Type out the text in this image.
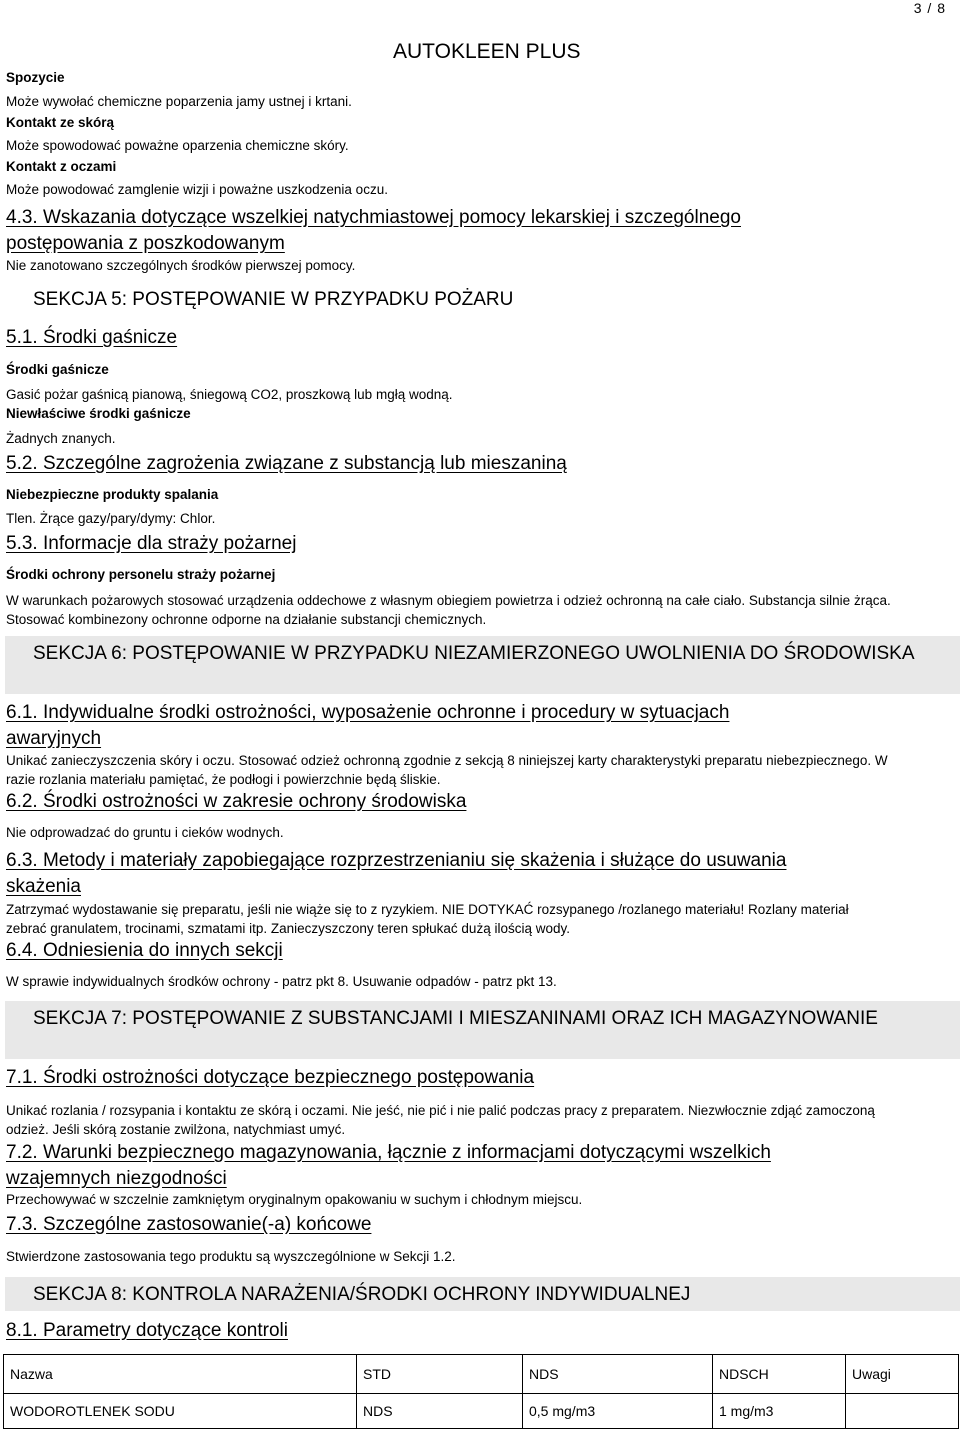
3 / 8
AUTOKLEEN PLUS
Spozycie
Może wywołać chemiczne poparzenia jamy ustnej i krtani.
Kontakt ze skórą
Może spowodować poważne oparzenia chemiczne skóry.
Kontakt z oczami
Może powodować zamglenie wizji i poważne uszkodzenia oczu.
4.3. Wskazania dotyczące wszelkiej natychmiastowej pomocy lekarskiej i szczególnego postępowania z poszkodowanym
Nie zanotowano szczególnych środków pierwszej pomocy.
SEKCJA 5: POSTĘPOWANIE W PRZYPADKU POŻARU
5.1. Środki gaśnicze
Środki gaśnicze
Gasić pożar gaśnicą pianową, śniegową CO2, proszkową lub mgłą wodną.
Niewłaściwe środki gaśnicze
Żadnych znanych.
5.2. Szczególne zagrożenia związane z substancją lub mieszaniną
Niebezpieczne produkty spalania
Tlen. Żrące gazy/pary/dymy: Chlor.
5.3. Informacje dla straży pożarnej
Środki ochrony personelu straży pożarnej
W warunkach pożarowych stosować urządzenia oddechowe z własnym obiegiem powietrza i odzież ochronną na całe ciało. Substancja silnie żrąca. Stosować kombinezony ochronne odporne na działanie substancji chemicznych.
SEKCJA 6: POSTĘPOWANIE W PRZYPADKU NIEZAMIERZONEGO UWOLNIENIA DO ŚRODOWISKA
6.1. Indywidualne środki ostrożności, wyposażenie ochronne i procedury w sytuacjach awaryjnych
Unikać zanieczyszczenia skóry i oczu. Stosować odzież ochronną zgodnie z sekcją 8 niniejszej karty charakterystyki preparatu niebezpiecznego. W razie rozlania materiału pamiętać, że podłogi i powierzchnie będą śliskie.
6.2. Środki ostrożności w zakresie ochrony środowiska
Nie odprowadzać do gruntu i cieków wodnych.
6.3. Metody i materiały zapobiegające rozprzestrzenianiu się skażenia i służące do usuwania skażenia
Zatrzymać wydostawanie się preparatu, jeśli nie wiąże się to z ryzykiem. NIE DOTYKAĆ rozsypanego /rozlanego materiału! Rozlany materiał zebrać granulatem, trocinami, szmatami itp. Zanieczyszczony teren spłukać dużą ilością wody.
6.4. Odniesienia do innych sekcji
W sprawie indywidualnych środków ochrony - patrz pkt 8. Usuwanie odpadów - patrz pkt 13.
SEKCJA 7: POSTĘPOWANIE Z SUBSTANCJAMI I MIESZANINAMI ORAZ ICH MAGAZYNOWANIE
7.1. Środki ostrożności dotyczące bezpiecznego postępowania
Unikać rozlania / rozsypania i kontaktu ze skórą i oczami. Nie jeść, nie pić i nie palić podczas pracy z preparatem. Niezwłocznie zdjąć zamoczoną odzież. Jeśli skórą zostanie zwilżona, natychmiast umyć.
7.2. Warunki bezpiecznego magazynowania, łącznie z informacjami dotyczącymi wszelkich wzajemnych niezgodności
Przechowywać w szczelnie zamkniętym oryginalnym opakowaniu w suchym i chłodnym miejscu.
7.3. Szczególne zastosowanie(-a) końcowe
Stwierdzone zastosowania tego produktu są wyszczególnione w Sekcji 1.2.
SEKCJA 8: KONTROLA NARAŻENIA/ŚRODKI OCHRONY INDYWIDUALNEJ
8.1. Parametry dotyczące kontroli
Nazwa	STD	NDS	NDSCH	Uwagi
WODOROTLENEK SODU	NDS	0,5 mg/m3	1 mg/m3	
